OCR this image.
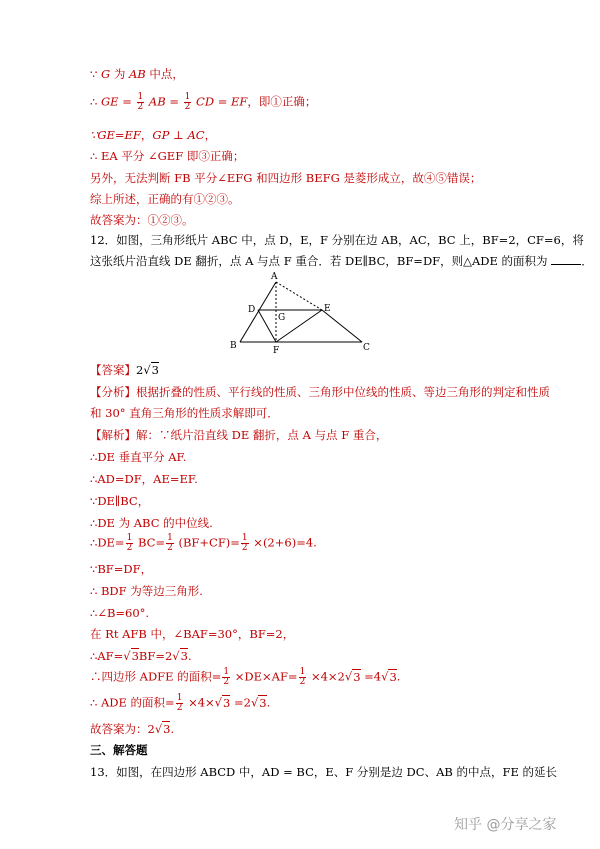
∵ G 为 AB 中点，
∴ GE = $\frac{1}{2}$ AB = $\frac{1}{2}$ CD = EF，即①正确；
∵GE=EF，GP ⊥ AC，
∴ EA 平分 ∠GEF 即③正确；
另外，无法判断 FB 平分∠EFG 和四边形 BEFG 是菱形成立，故④⑤错误；
综上所述，正确的有①②③。
故答案为：①②③。
12．如图，三角形纸片 ABC 中，点 D，E，F 分别在边 AB，AC，BC 上，BF=2，CF=6，将
这张纸片沿直线 DE 翻折，点 A 与点 F 重合．若 DE∥BC，BF=DF，则△ADE 的面积为	．
A
B	C
D	E
F
G
【答案】2√3
【分析】根据折叠的性质、平行线的性质、三角形中位线的性质、等边三角形的判定和性质
和 30° 直角三角形的性质求解即可．
【解析】解：∵纸片沿直线 DE 翻折，点 A 与点 F 重合，
∴DE 垂直平分 AF.
∴AD=DF，AE=EF.
∵DE∥BC，
∴DE 为 ABC 的中位线.
∴DE= $\frac{1}{2} BC= \frac{1}{2} (BF+CF)= \frac{1}{2} \times(2+6)=4$.
∵BF=DF，
∴ BDF 为等边三角形.
∴∠B=60°.
在 Rt AFB 中，∠BAF=30°，BF=2，
∴AF=√3BF=2√3.
∴四边形 ADFE 的面积= $\frac{1}{2} \times DE\times AF= \frac{1}{2} \times 4\times 2√3 =4√3$.
∴ ADE 的面积= $\frac{1}{2} \times 4\times√3 =2√3$.
故答案为：2√3.
三、解答题
13．如图，在四边形 ABCD 中，AD = BC，E、F 分别是边 DC、AB 的中点，FE 的延长
知乎 @分享之家
